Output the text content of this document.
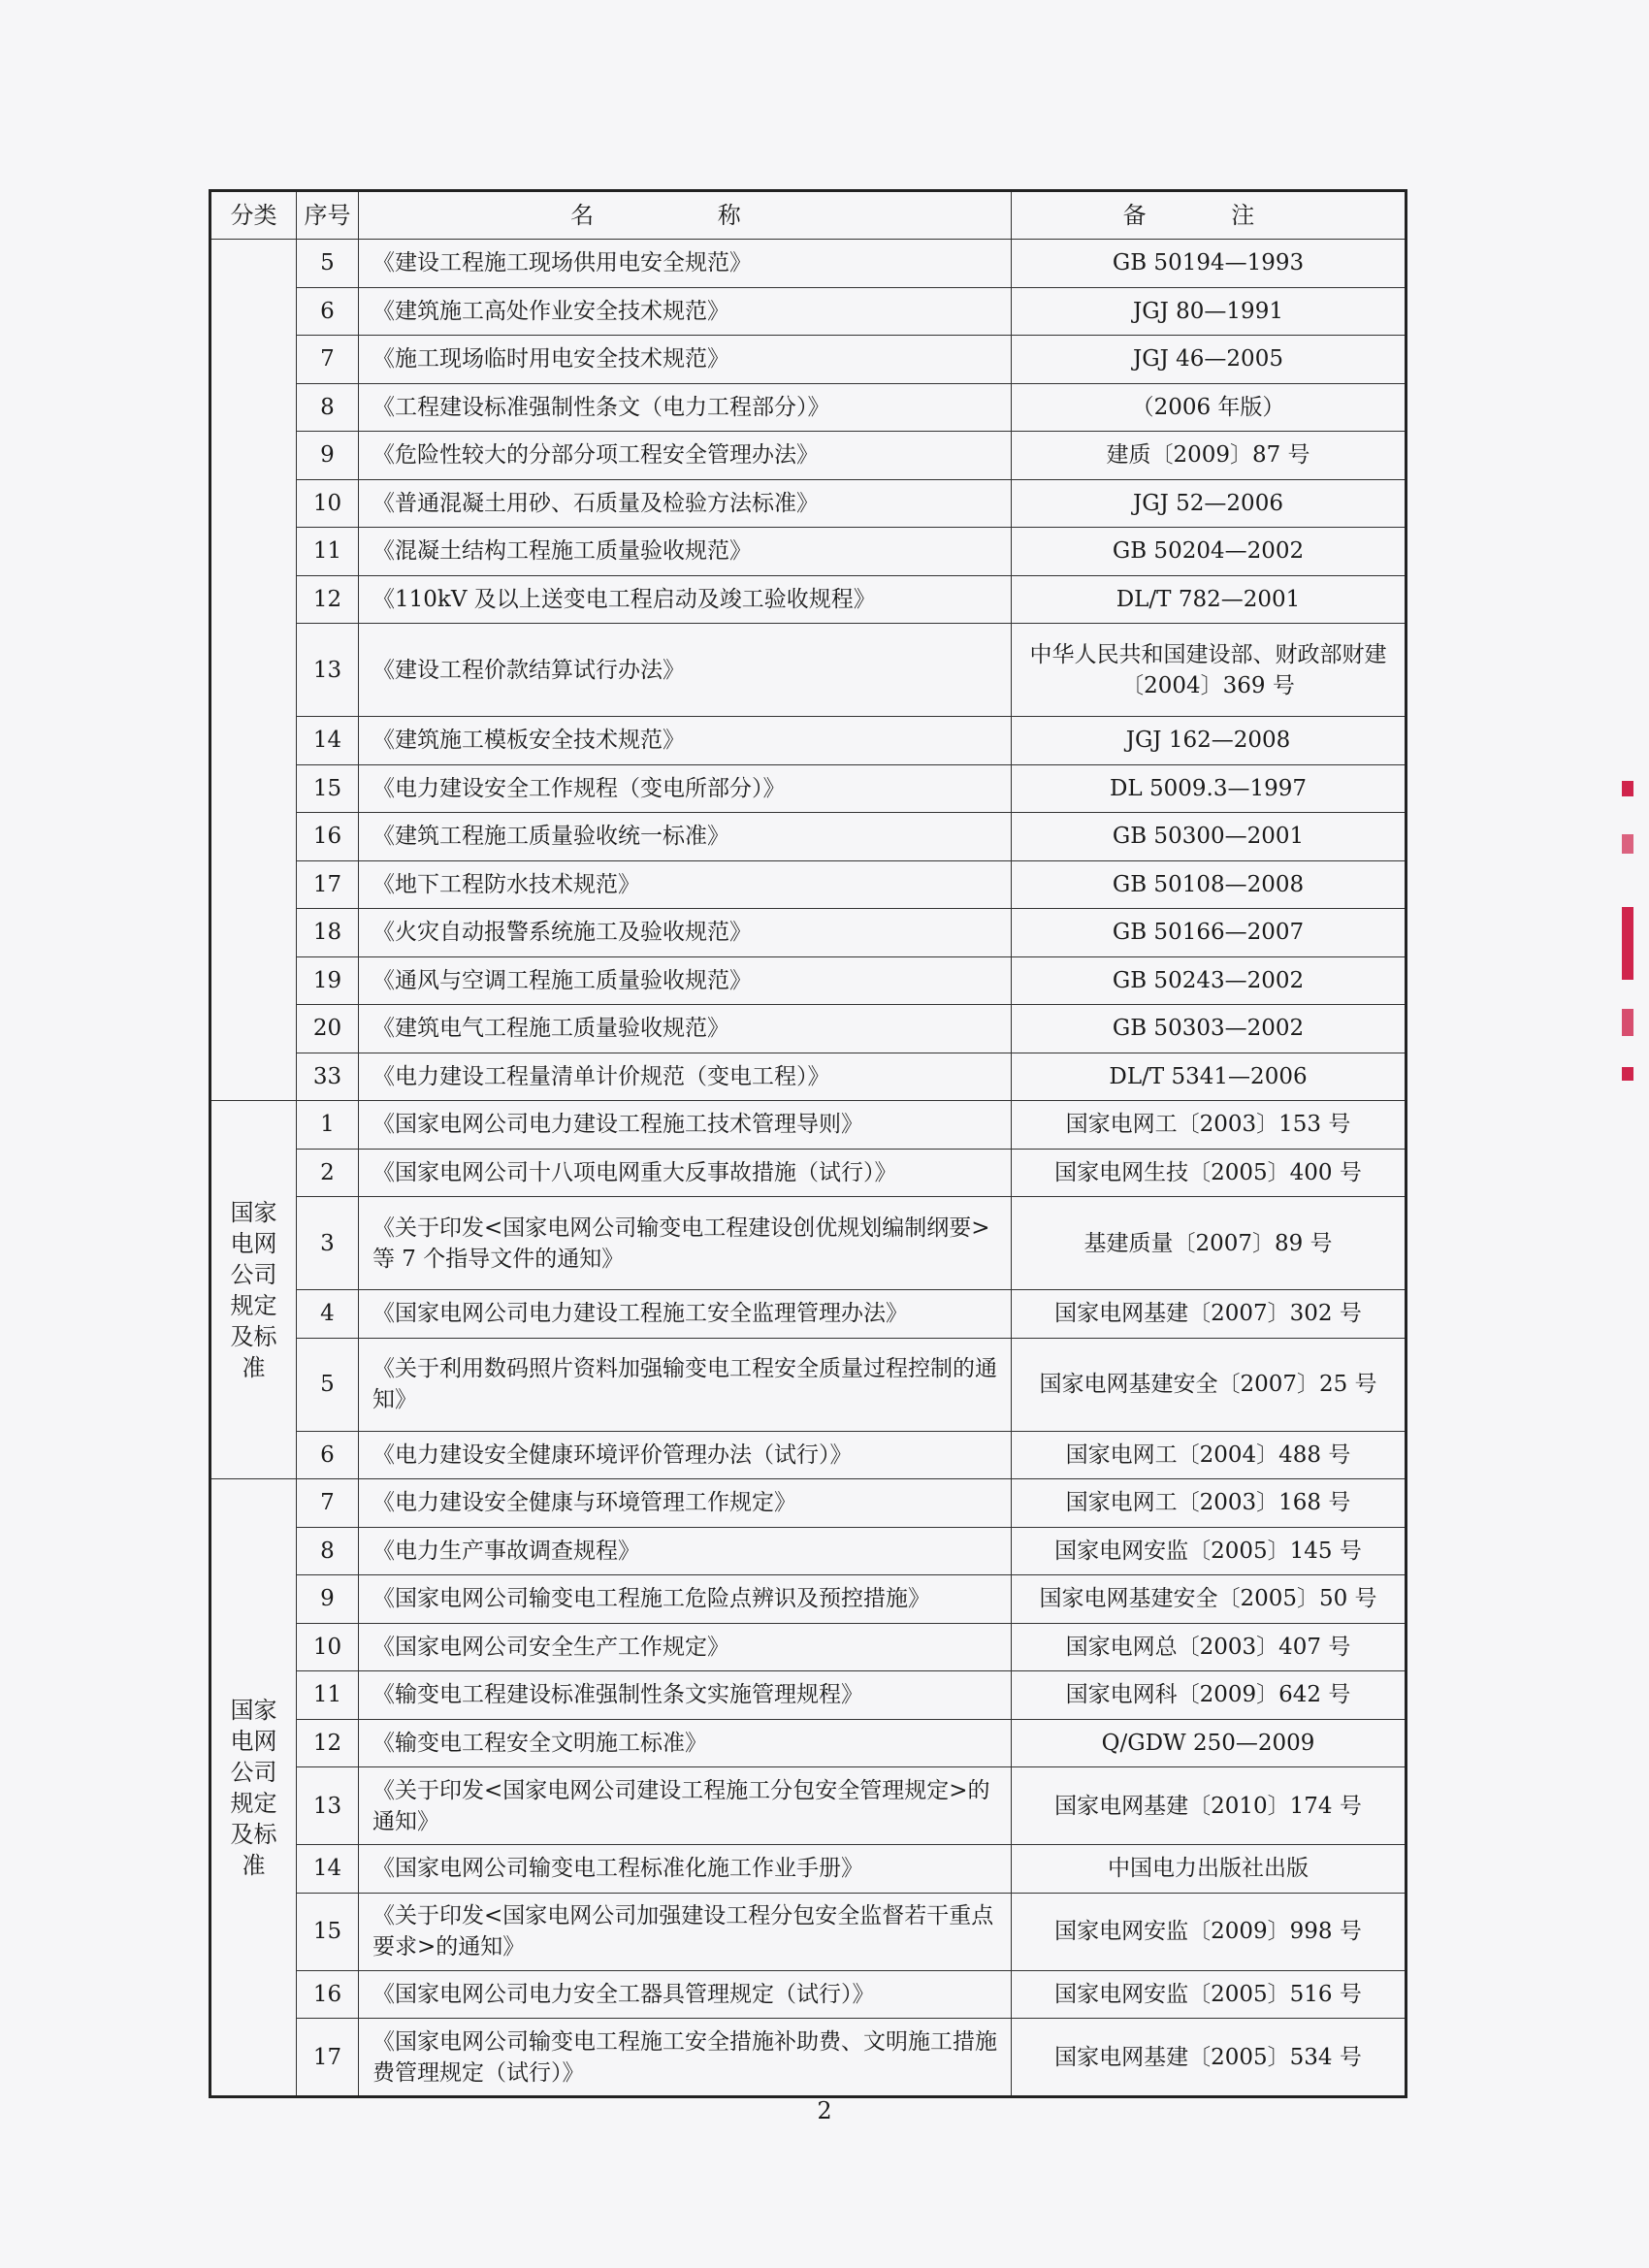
分类	序号	名 称	备 注
	5	《建设工程施工现场供用电安全规范》	GB 50194—1993
	6	《建筑施工高处作业安全技术规范》	JGJ 80—1991
	7	《施工现场临时用电安全技术规范》	JGJ 46—2005
	8	《工程建设标准强制性条文（电力工程部分）》	（2006 年版）
	9	《危险性较大的分部分项工程安全管理办法》	建质〔2009〕87 号
	10	《普通混凝土用砂、石质量及检验方法标准》	JGJ 52—2006
	11	《混凝土结构工程施工质量验收规范》	GB 50204—2002
	12	《110kV 及以上送变电工程启动及竣工验收规程》	DL/T 782—2001
	13	《建设工程价款结算试行办法》	中华人民共和国建设部、财政部财建〔2004〕369 号
	14	《建筑施工模板安全技术规范》	JGJ 162—2008
	15	《电力建设安全工作规程（变电所部分）》	DL 5009.3—1997
	16	《建筑工程施工质量验收统一标准》	GB 50300—2001
	17	《地下工程防水技术规范》	GB 50108—2008
	18	《火灾自动报警系统施工及验收规范》	GB 50166—2007
	19	《通风与空调工程施工质量验收规范》	GB 50243—2002
	20	《建筑电气工程施工质量验收规范》	GB 50303—2002
	33	《电力建设工程量清单计价规范（变电工程）》	DL/T 5341—2006
国家电网公司规定及标准	1	《国家电网公司电力建设工程施工技术管理导则》	国家电网工〔2003〕153 号
	2	《国家电网公司十八项电网重大反事故措施（试行）》	国家电网生技〔2005〕400 号
	3	《关于印发<国家电网公司输变电工程建设创优规划编制纲要>等 7 个指导文件的通知》	基建质量〔2007〕89 号
	4	《国家电网公司电力建设工程施工安全监理管理办法》	国家电网基建〔2007〕302 号
	5	《关于利用数码照片资料加强输变电工程安全质量过程控制的通知》	国家电网基建安全〔2007〕25 号
	6	《电力建设安全健康环境评价管理办法（试行）》	国家电网工〔2004〕488 号
国家电网公司规定及标准	7	《电力建设安全健康与环境管理工作规定》	国家电网工〔2003〕168 号
	8	《电力生产事故调查规程》	国家电网安监〔2005〕145 号
	9	《国家电网公司输变电工程施工危险点辨识及预控措施》	国家电网基建安全〔2005〕50 号
	10	《国家电网公司安全生产工作规定》	国家电网总〔2003〕407 号
	11	《输变电工程建设标准强制性条文实施管理规程》	国家电网科〔2009〕642 号
	12	《输变电工程安全文明施工标准》	Q/GDW 250—2009
	13	《关于印发<国家电网公司建设工程施工分包安全管理规定>的通知》	国家电网基建〔2010〕174 号
	14	《国家电网公司输变电工程标准化施工作业手册》	中国电力出版社出版
	15	《关于印发<国家电网公司加强建设工程分包安全监督若干重点要求>的通知》	国家电网安监〔2009〕998 号
	16	《国家电网公司电力安全工器具管理规定（试行）》	国家电网安监〔2005〕516 号
	17	《国家电网公司输变电工程施工安全措施补助费、文明施工措施费管理规定（试行）》	国家电网基建〔2005〕534 号
2
